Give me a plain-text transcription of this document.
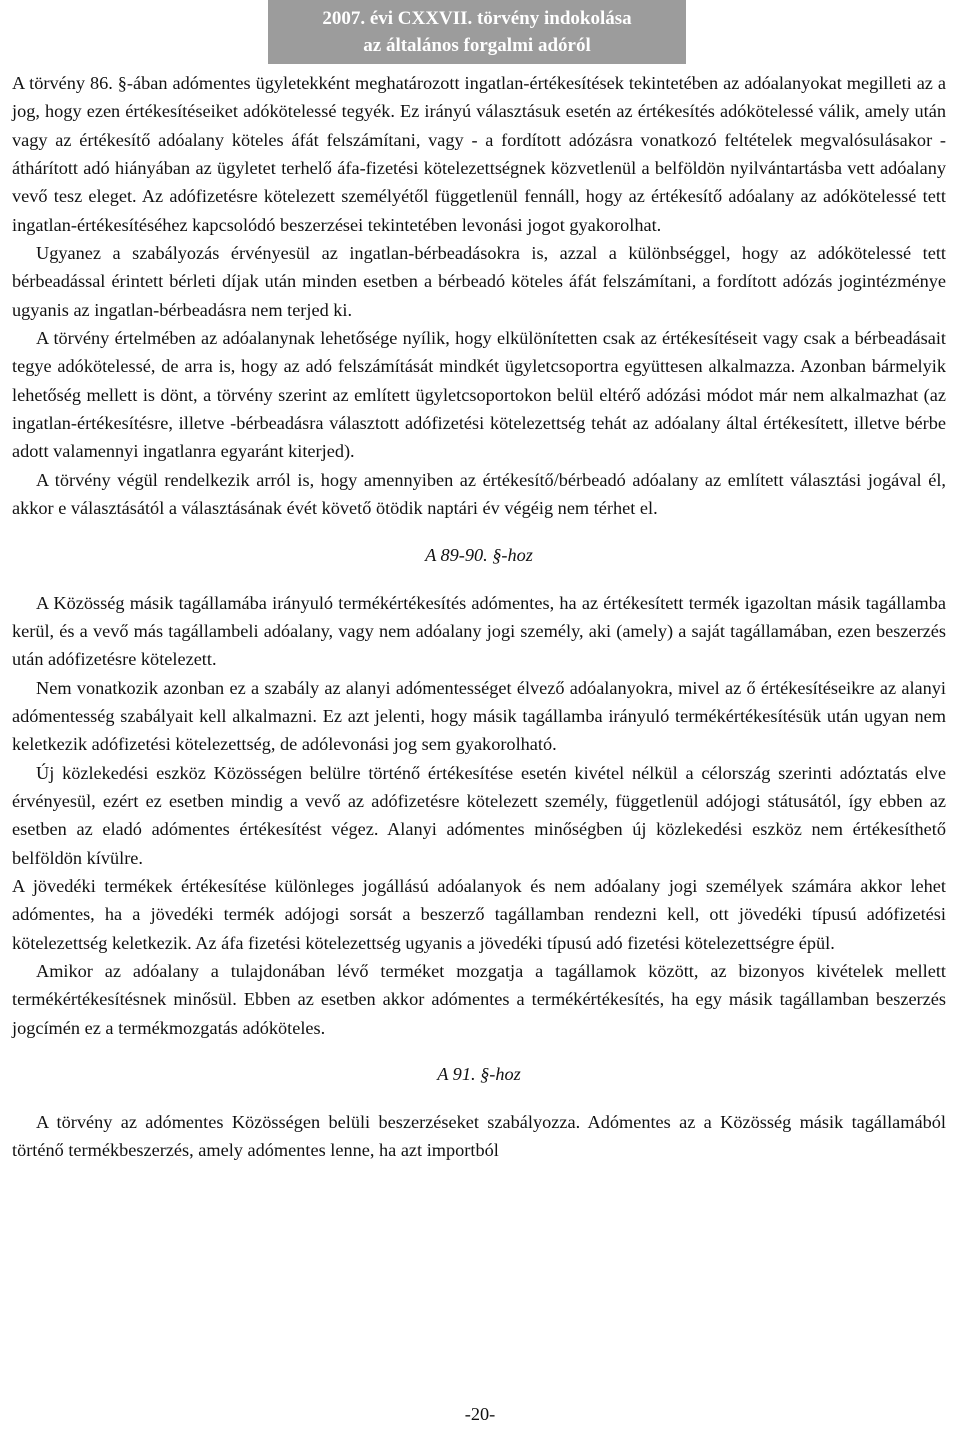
2007. évi CXXVII. törvény indokolása
az általános forgalmi adóról

A törvény 86. §-ában adómentes ügyletekként meghatározott ingatlan-értékesítések tekintetében az adóalanyokat megilleti az a jog, hogy ezen értékesítéseiket adókötelessé tegyék. Ez irányú választásuk esetén az értékesítés adókötelessé válik, amely után vagy az értékesítő adóalany köteles áfát felszámítani, vagy - a fordított adózásra vonatkozó feltételek megvalósulásakor - áthárított adó hiányában az ügyletet terhelő áfa-fizetési kötelezettségnek közvetlenül a belföldön nyilvántartásba vett adóalany vevő tesz eleget. Az adófizetésre kötelezett személyétől függetlenül fennáll, hogy az értékesítő adóalany az adókötelessé tett ingatlan-értékesítéséhez kapcsolódó beszerzései tekintetében levonási jogot gyakorolhat.

Ugyanez a szabályozás érvényesül az ingatlan-bérbeadásokra is, azzal a különbséggel, hogy az adókötelessé tett bérbeadással érintett bérleti díjak után minden esetben a bérbeadó köteles áfát felszámítani, a fordított adózás jogintézménye ugyanis az ingatlan-bérbeadásra nem terjed ki.

A törvény értelmében az adóalanynak lehetősége nyílik, hogy elkülönítetten csak az értékesítéseit vagy csak a bérbeadásait tegye adókötelessé, de arra is, hogy az adó felszámítását mindkét ügyletcsoportra együttesen alkalmazza. Azonban bármelyik lehetőség mellett is dönt, a törvény szerint az említett ügyletcsoportokon belül eltérő adózási módot már nem alkalmazhat (az ingatlan-értékesítésre, illetve -bérbeadásra választott adófizetési kötelezettség tehát az adóalany által értékesített, illetve bérbe adott valamennyi ingatlanra egyaránt kiterjed).

A törvény végül rendelkezik arról is, hogy amennyiben az értékesítő/bérbeadó adóalany az említett választási jogával él, akkor e választásától a választásának évét követő ötödik naptári év végéig nem térhet el.

A 89-90. §-hoz

A Közösség másik tagállamába irányuló termékértékesítés adómentes, ha az értékesített termék igazoltan másik tagállamba kerül, és a vevő más tagállambeli adóalany, vagy nem adóalany jogi személy, aki (amely) a saját tagállamában, ezen beszerzés után adófizetésre kötelezett.

Nem vonatkozik azonban ez a szabály az alanyi adómentességet élvező adóalanyokra, mivel az ő értékesítéseikre az alanyi adómentesség szabályait kell alkalmazni. Ez azt jelenti, hogy másik tagállamba irányuló termékértékesítésük után ugyan nem keletkezik adófizetési kötelezettség, de adólevonási jog sem gyakorolható.

Új közlekedési eszköz Közösségen belülre történő értékesítése esetén kivétel nélkül a célország szerinti adóztatás elve érvényesül, ezért ez esetben mindig a vevő az adófizetésre kötelezett személy, függetlenül adójogi státusától, így ebben az esetben az eladó adómentes értékesítést végez. Alanyi adómentes minőségben új közlekedési eszköz nem értékesíthető belföldön kívülre.

A jövedéki termékek értékesítése különleges jogállású adóalanyok és nem adóalany jogi személyek számára akkor lehet adómentes, ha a jövedéki termék adójogi sorsát a beszerző tagállamban rendezni kell, ott jövedéki típusú adófizetési kötelezettség keletkezik. Az áfa fizetési kötelezettség ugyanis a jövedéki típusú adó fizetési kötelezettségre épül.

Amikor az adóalany a tulajdonában lévő terméket mozgatja a tagállamok között, az bizonyos kivételek mellett termékértékesítésnek minősül. Ebben az esetben akkor adómentes a termékértékesítés, ha egy másik tagállamban beszerzés jogcímén ez a termékmozgatás adóköteles.

A 91. §-hoz

A törvény az adómentes Közösségen belüli beszerzéseket szabályozza. Adómentes az a Közösség másik tagállamából történő termékbeszerzés, amely adómentes lenne, ha azt importból

-20-
